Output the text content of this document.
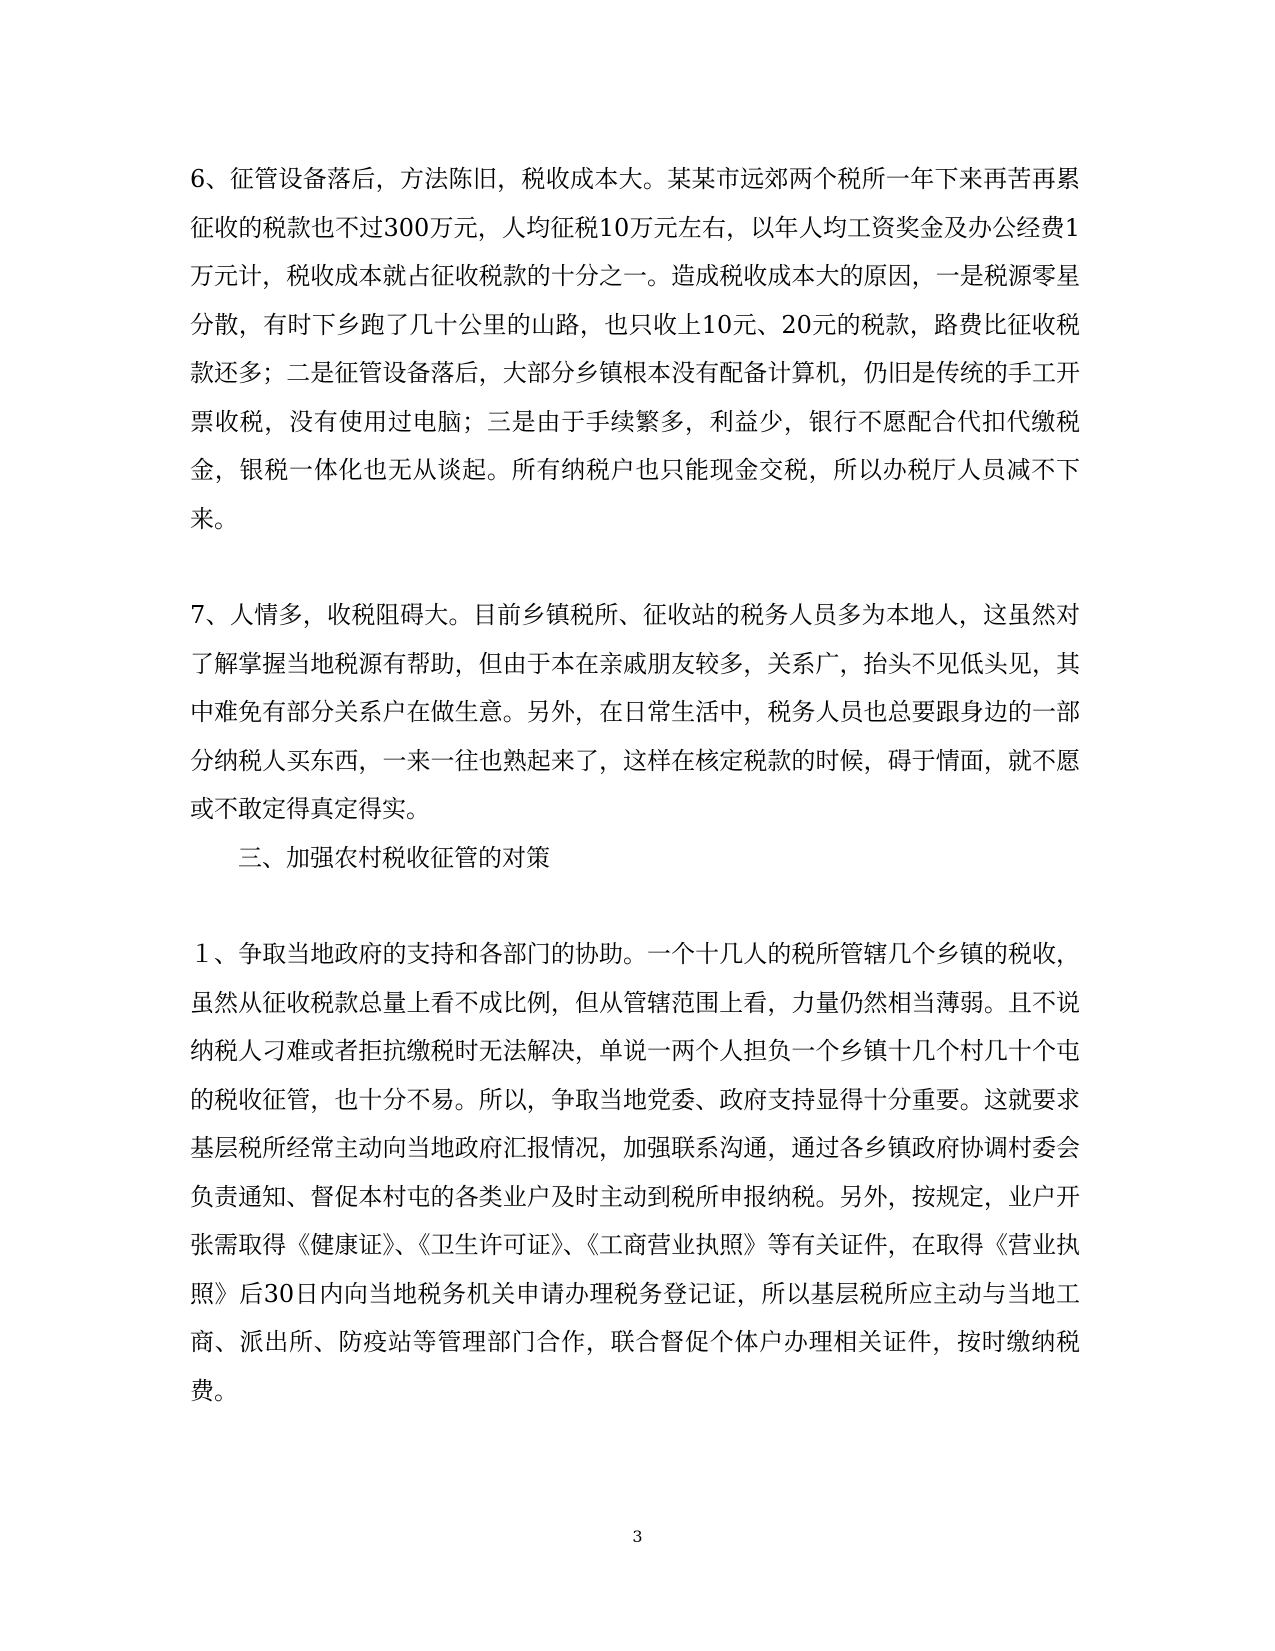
6、征管设备落后，方法陈旧，税收成本大。某某市远郊两个税所一年下来再苦再累征收的税款也不过300万元，人均征税10万元左右，以年人均工资奖金及办公经费1万元计，税收成本就占征收税款的十分之一。造成税收成本大的原因，一是税源零星分散，有时下乡跑了几十公里的山路，也只收上10元、20元的税款，路费比征收税款还多；二是征管设备落后，大部分乡镇根本没有配备计算机，仍旧是传统的手工开票收税，没有使用过电脑；三是由于手续繁多，利益少，银行不愿配合代扣代缴税金，银税一体化也无从谈起。所有纳税户也只能现金交税，所以办税厅人员减不下来。

7、人情多，收税阻碍大。目前乡镇税所、征收站的税务人员多为本地人，这虽然对了解掌握当地税源有帮助，但由于本在亲戚朋友较多，关系广，抬头不见低头见，其中难免有部分关系户在做生意。另外，在日常生活中，税务人员也总要跟身边的一部分纳税人买东西，一来一往也熟起来了，这样在核定税款的时候，碍于情面，就不愿或不敢定得真定得实。

三、加强农村税收征管的对策

１、争取当地政府的支持和各部门的协助。一个十几人的税所管辖几个乡镇的税收，虽然从征收税款总量上看不成比例，但从管辖范围上看，力量仍然相当薄弱。且不说纳税人刁难或者拒抗缴税时无法解决，单说一两个人担负一个乡镇十几个村几十个屯的税收征管，也十分不易。所以，争取当地党委、政府支持显得十分重要。这就要求基层税所经常主动向当地政府汇报情况，加强联系沟通，通过各乡镇政府协调村委会负责通知、督促本村屯的各类业户及时主动到税所申报纳税。另外，按规定，业户开张需取得《健康证》、《卫生许可证》、《工商营业执照》等有关证件，在取得《营业执照》后30日内向当地税务机关申请办理税务登记证，所以基层税所应主动与当地工商、派出所、防疫站等管理部门合作，联合督促个体户办理相关证件，按时缴纳税费。

3
